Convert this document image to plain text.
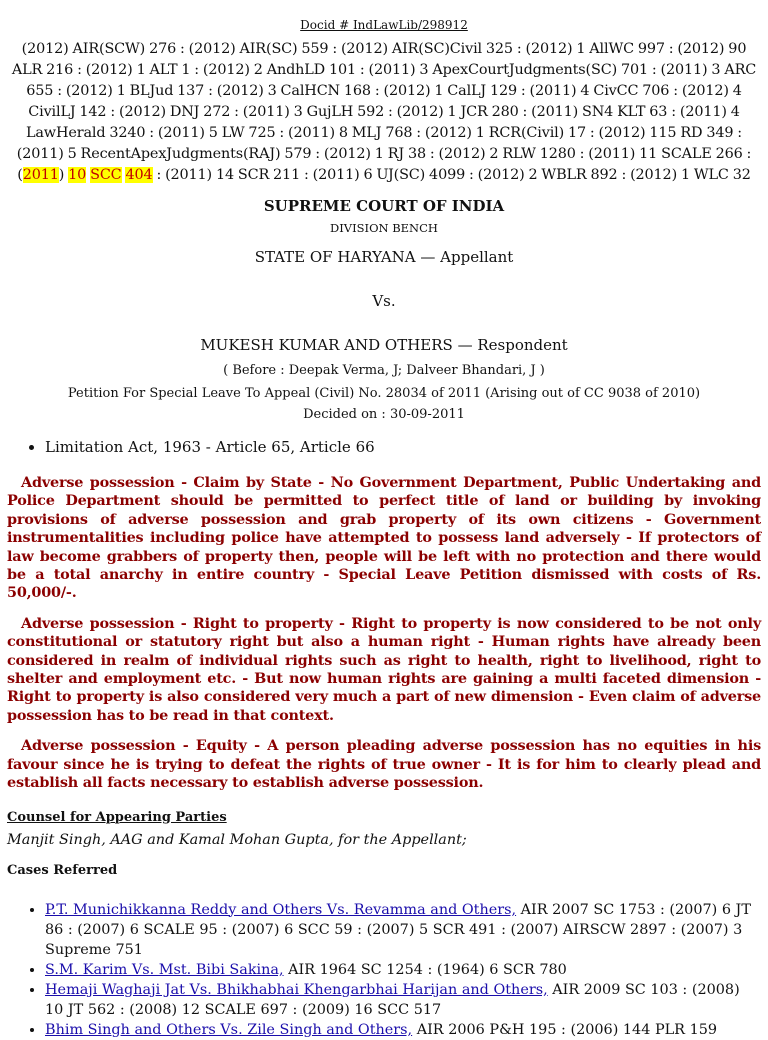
Docid # IndLawLib/298912
(2012) AIR(SCW) 276 : (2012) AIR(SC) 559 : (2012) AIR(SC)Civil 325 : (2012) 1 AllWC 997 : (2012) 90 ALR 216 : (2012) 1 ALT 1 : (2012) 2 AndhLD 101 : (2011) 3 ApexCourtJudgments(SC) 701 : (2011) 3 ARC 655 : (2012) 1 BLJud 137 : (2012) 3 CalHCN 168 : (2012) 1 CalLJ 129 : (2011) 4 CivCC 706 : (2012) 4 CivilLJ 142 : (2012) DNJ 272 : (2011) 3 GujLH 592 : (2012) 1 JCR 280 : (2011) SN4 KLT 63 : (2011) 4 LawHerald 3240 : (2011) 5 LW 725 : (2011) 8 MLJ 768 : (2012) 1 RCR(Civil) 17 : (2012) 115 RD 349 : (2011) 5 RecentApexJudgments(RAJ) 579 : (2012) 1 RJ 38 : (2012) 2 RLW 1280 : (2011) 11 SCALE 266 : (2011) 10 SCC 404 : (2011) 14 SCR 211 : (2011) 6 UJ(SC) 4099 : (2012) 2 WBLR 892 : (2012) 1 WLC 32
SUPREME COURT OF INDIA
DIVISION BENCH
STATE OF HARYANA — Appellant
Vs.
MUKESH KUMAR AND OTHERS — Respondent
( Before : Deepak Verma, J; Dalveer Bhandari, J )
Petition For Special Leave To Appeal (Civil) No. 28034 of 2011 (Arising out of CC 9038 of 2010)
Decided on : 30-09-2011
• Limitation Act, 1963 - Article 65, Article 66

Adverse possession - Claim by State - No Government Department, Public Undertaking and Police Department should be permitted to perfect title of land or building by invoking provisions of adverse possession and grab property of its own citizens - Government instrumentalities including police have attempted to possess land adversely - If protectors of law become grabbers of property then, people will be left with no protection and there would be a total anarchy in entire country - Special Leave Petition dismissed with costs of Rs. 50,000/-.

Adverse possession - Right to property - Right to property is now considered to be not only constitutional or statutory right but also a human right - Human rights have already been considered in realm of individual rights such as right to health, right to livelihood, right to shelter and employment etc. - But now human rights are gaining a multi faceted dimension - Right to property is also considered very much a part of new dimension - Even claim of adverse possession has to be read in that context.

Adverse possession - Equity - A person pleading adverse possession has no equities in his favour since he is trying to defeat the rights of true owner - It is for him to clearly plead and establish all facts necessary to establish adverse possession.

Counsel for Appearing Parties
Manjit Singh, AAG and Kamal Mohan Gupta, for the Appellant;
Cases Referred
• P.T. Munichikkanna Reddy and Others Vs. Revamma and Others, AIR 2007 SC 1753 : (2007) 6 JT 86 : (2007) 6 SCALE 95 : (2007) 6 SCC 59 : (2007) 5 SCR 491 : (2007) AIRSCW 2897 : (2007) 3 Supreme 751
• S.M. Karim Vs. Mst. Bibi Sakina, AIR 1964 SC 1254 : (1964) 6 SCR 780
• Hemaji Waghaji Jat Vs. Bhikhabhai Khengarbhai Harijan and Others, AIR 2009 SC 103 : (2008) 10 JT 562 : (2008) 12 SCALE 697 : (2009) 16 SCC 517
• Bhim Singh and Others Vs. Zile Singh and Others, AIR 2006 P&H 195 : (2006) 144 PLR 159
